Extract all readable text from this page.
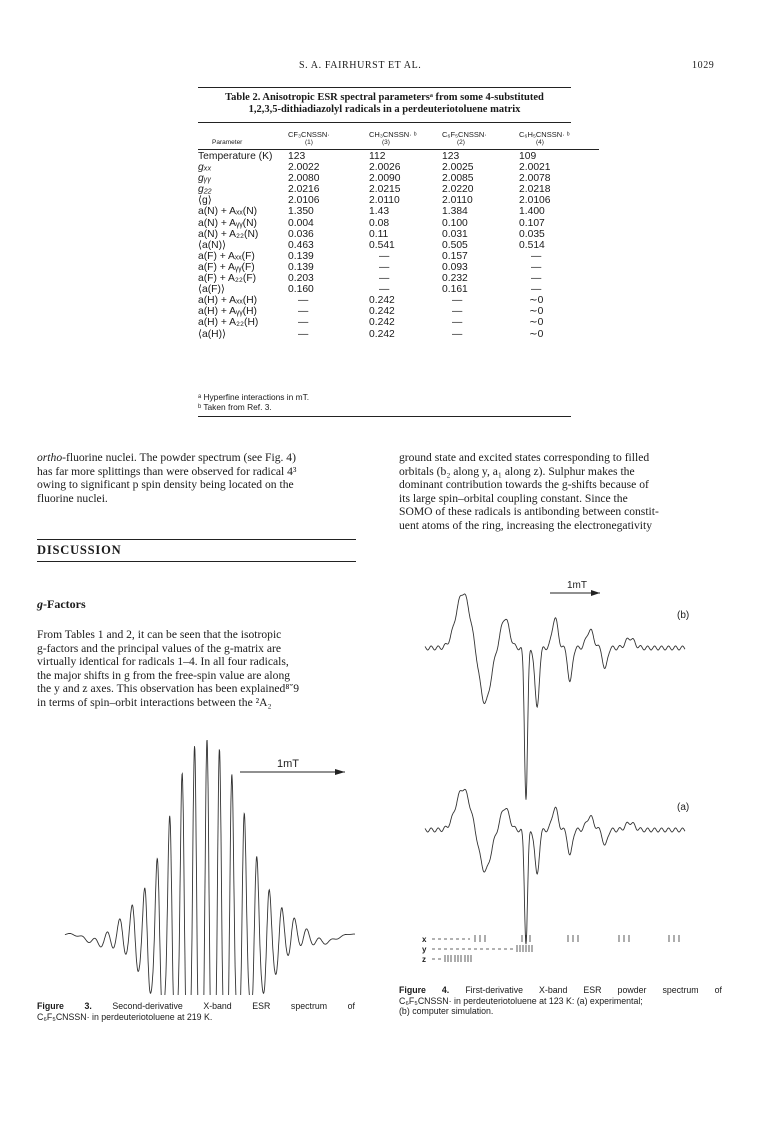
S. A. FAIRHURST ET AL.	1029
Table 2. Anisotropic ESR spectral parametersᵃ from some 4-substituted
1,2,3,5-dithiadiazolyl radicals in a perdeuteriotoluene matrix
	CF₃CNSSN·	CH₃CNSSN· ᵇ	C₆F₅CNSSN·	C₆H₅CNSSN· ᵇ
Parameter	(1)	(3)	(2)	(4)

Temperature (K)	123	112	123	109
gₓₓ	2.0022	2.0026	2.0025	2.0021
gᵧᵧ	2.0080	2.0090	2.0085	2.0078
g₂₂	2.0216	2.0215	2.0220	2.0218
⟨g⟩	2.0106	2.0110	2.0110	2.0106
a(N) + Aₓₓ(N)	1.350	1.43	1.384	1.400
a(N) + Aᵧᵧ(N)	0.004	0.08	0.100	0.107
a(N) + A₂₂(N)	0.036	0.11	0.031	0.035
⟨a(N)⟩	0.463	0.541	0.505	0.514
a(F) + Aₓₓ(F)	0.139	—	0.157	—
a(F) + Aᵧᵧ(F)	0.139	—	0.093	—
a(F) + A₂₂(F)	0.203	—	0.232	—
⟨a(F)⟩	0.160	—	0.161	—
a(H) + Aₓₓ(H)	—	0.242	—	∼0
a(H) + Aᵧᵧ(H)	—	0.242	—	∼0
a(H) + A₂₂(H)	—	0.242	—	∼0
⟨a(H)⟩	—	0.242	—	∼0
ᵃ Hyperfine interactions in mT.
ᵇ Taken from Ref. 3.
ortho-fluorine nuclei. The powder spectrum (see Fig. 4)
has far more splittings than were observed for radical 4³
owing to significant p spin density being located on the
fluorine nuclei.
DISCUSSION
g-Factors
From Tables 1 and 2, it can be seen that the isotropic
g-factors and the principal values of the g-matrix are
virtually identical for radicals 1–4. In all four radicals,
the major shifts in g from the free-spin value are along
the y and z axes. This observation has been explained⁸˘9
in terms of spin–orbit interactions between the ²A₂
ground state and excited states corresponding to filled
orbitals (b₂ along y, a₁ along z). Sulphur makes the
dominant contribution towards the g-shifts because of
its large spin–orbital coupling constant. Since the
SOMO of these radicals is antibonding between constit-
uent atoms of the ring, increasing the electronegativity
1mT
Figure 3. Second-derivative X-band ESR spectrum of
C₆F₅CNSSN· in perdeuteriotoluene at 219 K.
1mT
(b)
(a)
x
y
z
Figure 4. First-derivative X-band ESR powder spectrum of
C₆F₅CNSSN· in perdeuteriotoluene at 123 K: (a) experimental;
(b) computer simulation.
